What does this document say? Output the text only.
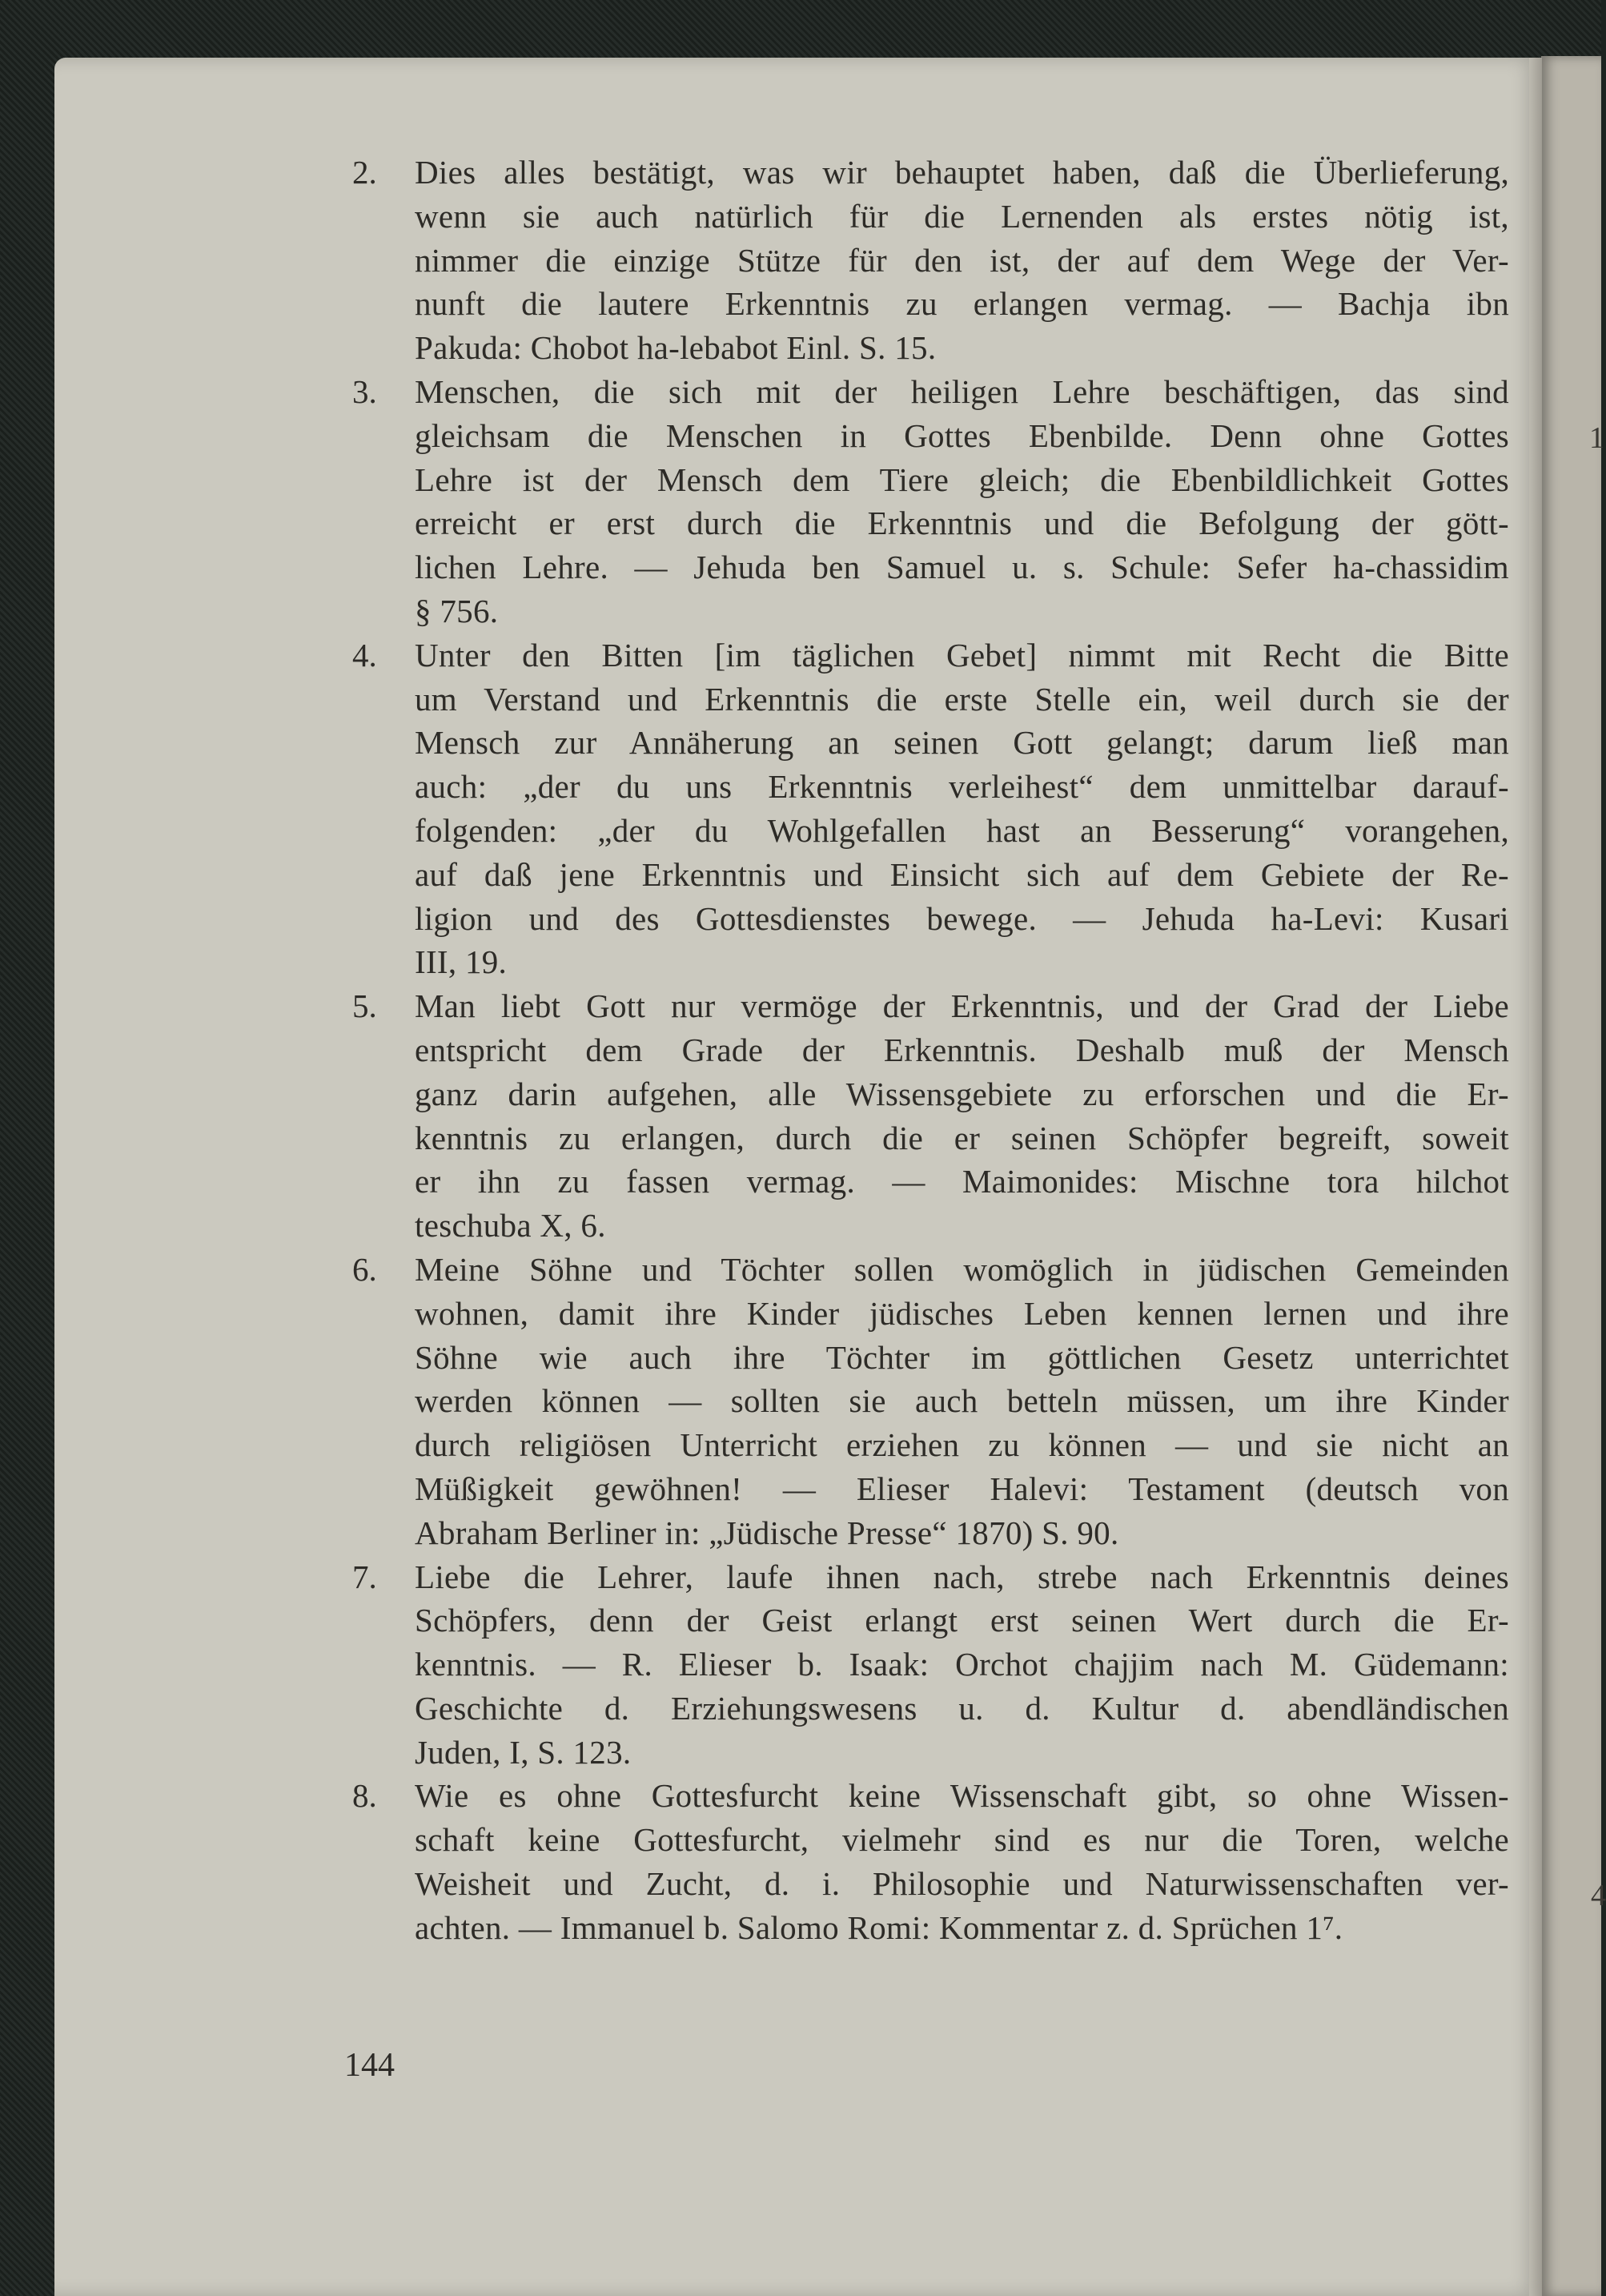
1
4
2. Dies alles bestätigt, was wir behauptet haben, daß die Überlieferung,
wenn sie auch natürlich für die Lernenden als erstes nötig ist,
nimmer die einzige Stütze für den ist, der auf dem Wege der Ver-
nunft die lautere Erkenntnis zu erlangen vermag. — Bachja ibn
Pakuda: Chobot ha-lebabot Einl. S. 15.
3. Menschen, die sich mit der heiligen Lehre beschäftigen, das sind
gleichsam die Menschen in Gottes Ebenbilde. Denn ohne Gottes
Lehre ist der Mensch dem Tiere gleich; die Ebenbildlichkeit Gottes
erreicht er erst durch die Erkenntnis und die Befolgung der gött-
lichen Lehre. — Jehuda ben Samuel u. s. Schule: Sefer ha-chassidim
§ 756.
4. Unter den Bitten [im täglichen Gebet] nimmt mit Recht die Bitte
um Verstand und Erkenntnis die erste Stelle ein, weil durch sie der
Mensch zur Annäherung an seinen Gott gelangt; darum ließ man
auch: „der du uns Erkenntnis verleihest“ dem unmittelbar darauf-
folgenden: „der du Wohlgefallen hast an Besserung“ vorangehen,
auf daß jene Erkenntnis und Einsicht sich auf dem Gebiete der Re-
ligion und des Gottesdienstes bewege. — Jehuda ha-Levi: Kusari
III, 19.
5. Man liebt Gott nur vermöge der Erkenntnis, und der Grad der Liebe
entspricht dem Grade der Erkenntnis. Deshalb muß der Mensch
ganz darin aufgehen, alle Wissensgebiete zu erforschen und die Er-
kenntnis zu erlangen, durch die er seinen Schöpfer begreift, soweit
er ihn zu fassen vermag. — Maimonides: Mischne tora hilchot
teschuba X, 6.
6. Meine Söhne und Töchter sollen womöglich in jüdischen Gemeinden
wohnen, damit ihre Kinder jüdisches Leben kennen lernen und ihre
Söhne wie auch ihre Töchter im göttlichen Gesetz unterrichtet
werden können — sollten sie auch betteln müssen, um ihre Kinder
durch religiösen Unterricht erziehen zu können — und sie nicht an
Müßigkeit gewöhnen! — Elieser Halevi: Testament (deutsch von
Abraham Berliner in: „Jüdische Presse“ 1870) S. 90.
7. Liebe die Lehrer, laufe ihnen nach, strebe nach Erkenntnis deines
Schöpfers, denn der Geist erlangt erst seinen Wert durch die Er-
kenntnis. — R. Elieser b. Isaak: Orchot chajjim nach M. Güdemann:
Geschichte d. Erziehungswesens u. d. Kultur d. abendländischen
Juden, I, S. 123.
8. Wie es ohne Gottesfurcht keine Wissenschaft gibt, so ohne Wissen-
schaft keine Gottesfurcht, vielmehr sind es nur die Toren, welche
Weisheit und Zucht, d. i. Philosophie und Naturwissenschaften ver-
achten. — Immanuel b. Salomo Romi: Kommentar z. d. Sprüchen 1⁷.
144
